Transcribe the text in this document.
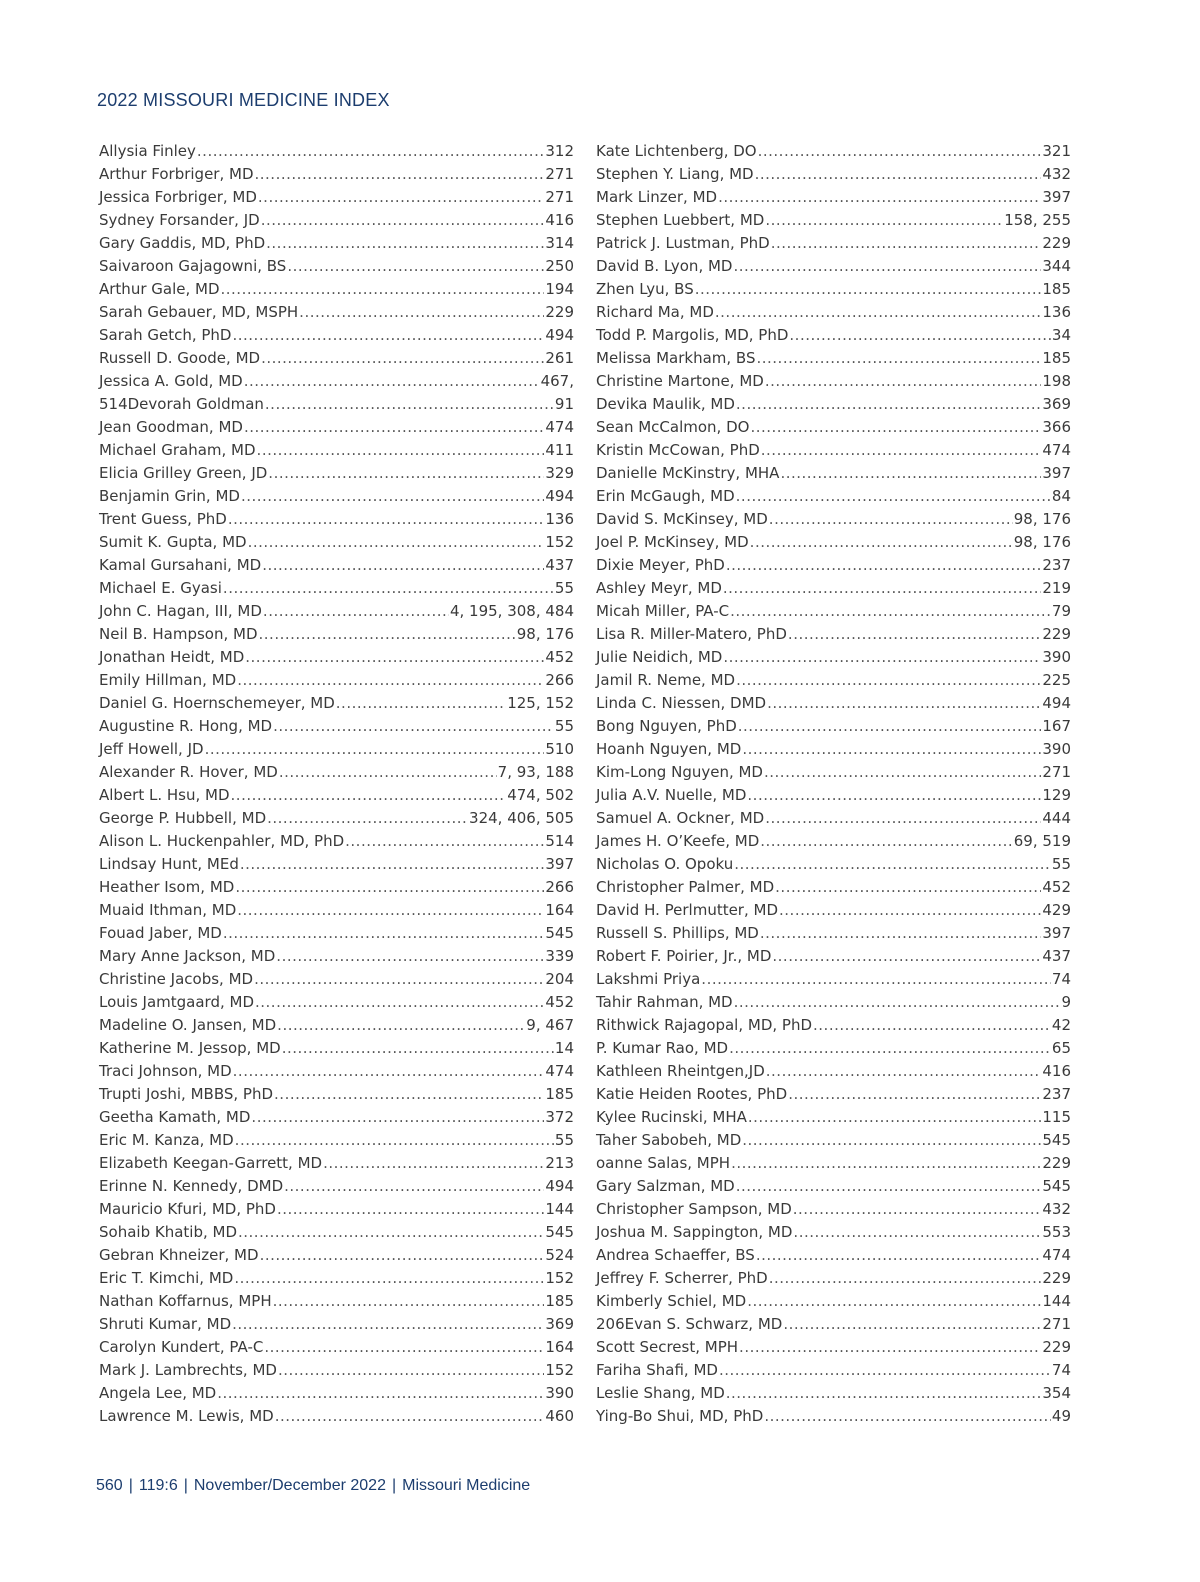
2022 MISSOURI MEDICINE INDEX
Allysia Finley .....	312
Arthur Forbriger, MD .....	271
Jessica Forbriger, MD .....	271
Sydney Forsander, JD .....	416
Gary Gaddis, MD, PhD .....	314
Saivaroon Gajagowni, BS .....	250
Arthur Gale, MD .....	194
Sarah Gebauer, MD, MSPH .....	229
Sarah Getch, PhD .....	494
Russell D. Goode, MD .....	261
Jessica A. Gold, MD .....	467,
514Devorah Goldman .....	91
Jean Goodman, MD .....	474
Michael Graham, MD .....	411
Elicia Grilley Green, JD .....	329
Benjamin Grin, MD .....	494
Trent Guess, PhD .....	136
Sumit K. Gupta, MD .....	152
Kamal Gursahani, MD .....	437
Michael E. Gyasi .....	55
John C. Hagan, III, MD .....	4, 195, 308, 484
Neil B. Hampson, MD .....	98, 176
Jonathan Heidt, MD .....	452
Emily Hillman, MD .....	266
Daniel G. Hoernschemeyer, MD .....	125, 152
Augustine R. Hong, MD .....	55
Jeff Howell, JD .....	510
Alexander R. Hover, MD .....	7, 93, 188
Albert L. Hsu, MD .....	474, 502
George P. Hubbell, MD .....	324, 406, 505
Alison L. Huckenpahler, MD, PhD .....	514
Lindsay Hunt, MEd .....	397
Heather Isom, MD .....	266
Muaid Ithman, MD .....	164
Fouad Jaber, MD .....	545
Mary Anne Jackson, MD .....	339
Christine Jacobs, MD .....	204
Louis Jamtgaard, MD .....	452
Madeline O. Jansen, MD .....	9, 467
Katherine M. Jessop, MD .....	14
Traci Johnson, MD .....	474
Trupti Joshi, MBBS, PhD .....	185
Geetha Kamath, MD .....	372
Eric M. Kanza, MD .....	55
Elizabeth Keegan-Garrett, MD .....	213
Erinne N. Kennedy, DMD .....	494
Mauricio Kfuri, MD, PhD .....	144
Sohaib Khatib, MD .....	545
Gebran Khneizer, MD .....	524
Eric T. Kimchi, MD .....	152
Nathan Koffarnus, MPH .....	185
Shruti Kumar, MD .....	369
Carolyn Kundert, PA-C .....	164
Mark J. Lambrechts, MD .....	152
Angela Lee, MD .....	390
Lawrence M. Lewis, MD .....	460
Kate Lichtenberg, DO .....	321
Stephen Y. Liang, MD .....	432
Mark Linzer, MD .....	397
Stephen Luebbert, MD .....	158, 255
Patrick J. Lustman, PhD .....	229
David B. Lyon, MD .....	344
Zhen Lyu, BS .....	185
Richard Ma, MD .....	136
Todd P. Margolis, MD, PhD .....	34
Melissa Markham, BS .....	185
Christine Martone, MD .....	198
Devika Maulik, MD .....	369
Sean McCalmon, DO .....	366
Kristin McCowan, PhD .....	474
Danielle McKinstry, MHA .....	397
Erin McGaugh, MD .....	84
David S. McKinsey, MD .....	98, 176
Joel P. McKinsey, MD .....	98, 176
Dixie Meyer, PhD .....	237
Ashley Meyr, MD .....	219
Micah Miller, PA-C .....	79
Lisa R. Miller-Matero, PhD .....	229
Julie Neidich, MD .....	390
Jamil R. Neme, MD .....	225
Linda C. Niessen, DMD .....	494
Bong Nguyen, PhD .....	167
Hoanh Nguyen, MD .....	390
Kim-Long Nguyen, MD .....	271
Julia A.V. Nuelle, MD .....	129
Samuel A. Ockner, MD .....	444
James H. O’Keefe, MD .....	69, 519
Nicholas O. Opoku .....	55
Christopher Palmer, MD .....	452
David H. Perlmutter, MD .....	429
Russell S. Phillips, MD .....	397
Robert F. Poirier, Jr., MD .....	437
Lakshmi Priya .....	74
Tahir Rahman, MD .....	9
Rithwick Rajagopal, MD, PhD .....	42
P. Kumar Rao, MD .....	65
Kathleen Rheintgen,JD .....	416
Katie Heiden Rootes, PhD .....	237
Kylee Rucinski, MHA .....	115
Taher Sabobeh, MD .....	545
oanne Salas, MPH .....	229
Gary Salzman, MD .....	545
Christopher Sampson, MD .....	432
Joshua M. Sappington, MD .....	553
Andrea Schaeffer, BS .....	474
Jeffrey F. Scherrer, PhD .....	229
Kimberly Schiel, MD .....	144
206Evan S. Schwarz, MD .....	271
Scott Secrest, MPH .....	229
Fariha Shafi, MD .....	74
Leslie Shang, MD .....	354
Ying-Bo Shui, MD, PhD .....	49
560 | 119:6 | November/December 2022 | Missouri Medicine
